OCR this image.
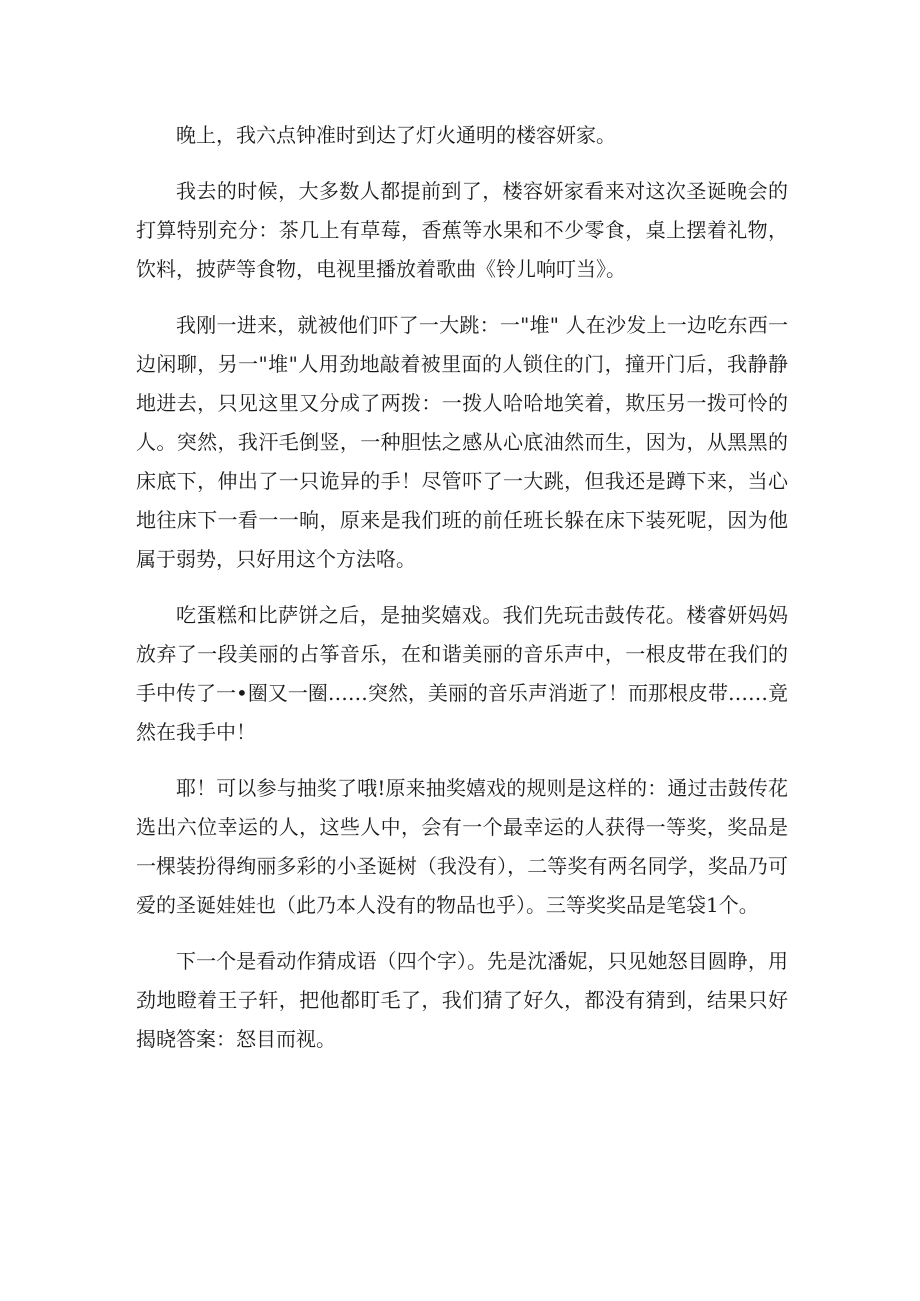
晚上，我六点钟准时到达了灯火通明的楼容妍家。

我去的时候，大多数人都提前到了，楼容妍家看来对这次圣诞晚会的打算特别充分：茶几上有草莓，香蕉等水果和不少零食，桌上摆着礼物，饮料，披萨等食物，电视里播放着歌曲《铃儿响叮当》。

我刚一进来，就被他们吓了一大跳：一"堆" 人在沙发上一边吃东西一边闲聊，另一"堆"人用劲地敲着被里面的人锁住的门，撞开门后，我静静地进去，只见这里又分成了两拨：一拨人哈哈地笑着，欺压另一拨可怜的人。突然，我汗毛倒竖，一种胆怯之感从心底油然而生，因为，从黑黑的床底下，伸出了一只诡异的手！尽管吓了一大跳，但我还是蹲下来，当心地往床下一看一一晌，原来是我们班的前任班长躲在床下装死呢，因为他属于弱势，只好用这个方法咯。

吃蛋糕和比萨饼之后，是抽奖嬉戏。我们先玩击鼓传花。楼睿妍妈妈放弃了一段美丽的占筝音乐，在和谐美丽的音乐声中，一根皮带在我们的手中传了一•圈又一圈……突然，美丽的音乐声消逝了！而那根皮带……竟然在我手中！

耶！可以参与抽奖了哦!原来抽奖嬉戏的规则是这样的：通过击鼓传花选出六位幸运的人，这些人中，会有一个最幸运的人获得一等奖，奖品是一棵装扮得绚丽多彩的小圣诞树（我没有），二等奖有两名同学，奖品乃可爱的圣诞娃娃也（此乃本人没有的物品也乎）。三等奖奖品是笔袋1个。

下一个是看动作猜成语（四个字）。先是沈潘妮，只见她怒目圆睁，用劲地瞪着王子轩，把他都盯毛了，我们猜了好久，都没有猜到，结果只好揭晓答案：怒目而视。
